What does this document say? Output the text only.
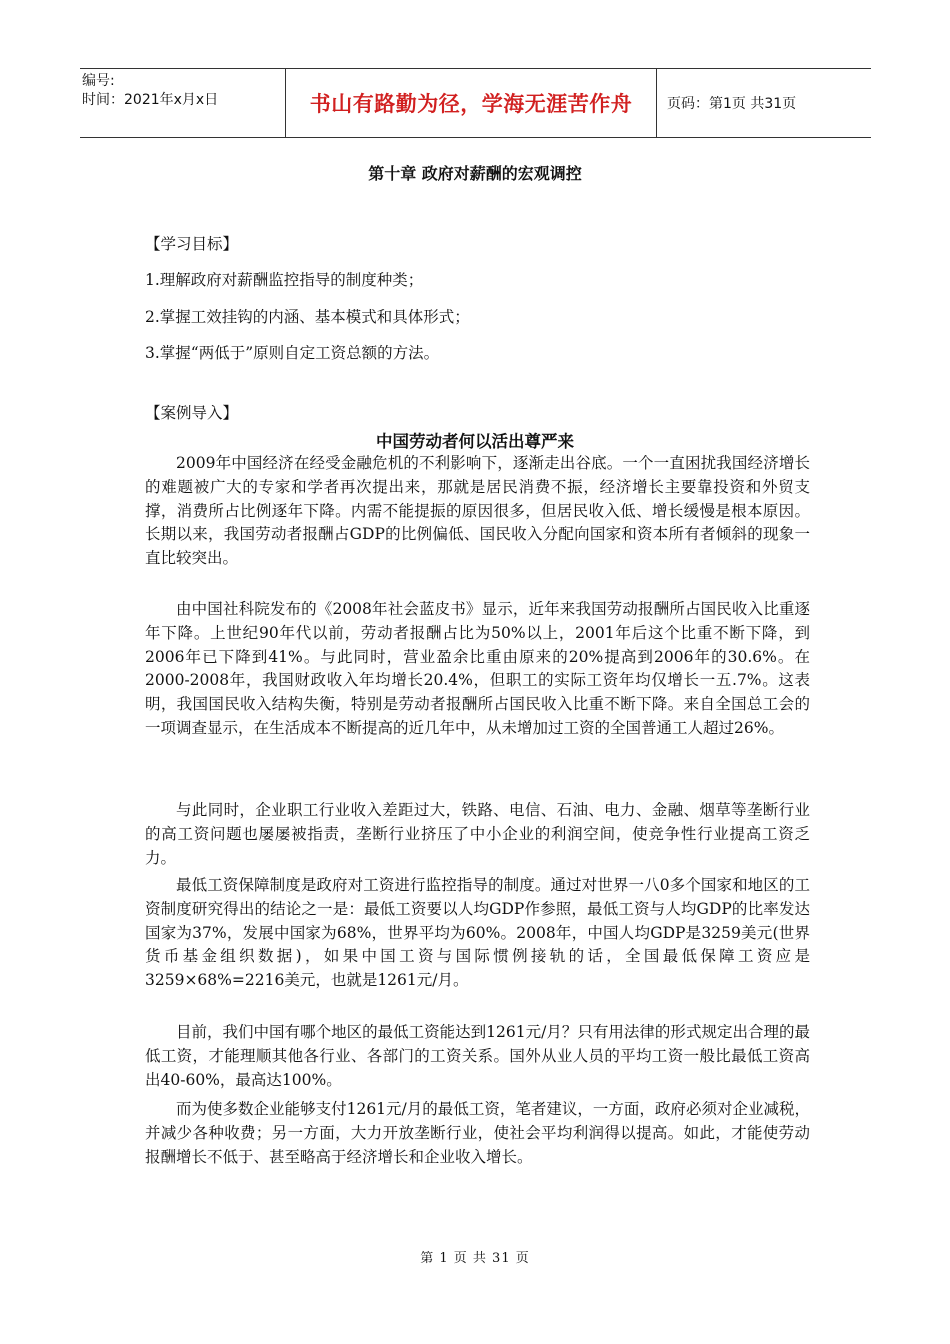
编号:
时间：2021年x月x日	书山有路勤为径，学海无涯苦作舟	页码：第1页 共31页
第十章 政府对薪酬的宏观调控
【学习目标】
1.理解政府对薪酬监控指导的制度种类；
2.掌握工效挂钩的内涵、基本模式和具体形式；
3.掌握“两低于”原则自定工资总额的方法。
【案例导入】
中国劳动者何以活出尊严来

2009年中国经济在经受金融危机的不利影响下，逐渐走出谷底。一个一直困扰我国经济增长的难题被广大的专家和学者再次提出来，那就是居民消费不振，经济增长主要靠投资和外贸支撑，消费所占比例逐年下降。内需不能提振的原因很多，但居民收入低、增长缓慢是根本原因。长期以来，我国劳动者报酬占GDP的比例偏低、国民收入分配向国家和资本所有者倾斜的现象一直比较突出。

由中国社科院发布的《2008年社会蓝皮书》显示，近年来我国劳动报酬所占国民收入比重逐年下降。上世纪90年代以前，劳动者报酬占比为50%以上，2001年后这个比重不断下降，到2006年已下降到41%。与此同时，营业盈余比重由原来的20%提高到2006年的30.6%。在2000-2008年，我国财政收入年均增长20.4%，但职工的实际工资年均仅增长一五.7%。这表明，我国国民收入结构失衡，特别是劳动者报酬所占国民收入比重不断下降。来自全国总工会的一项调查显示，在生活成本不断提高的近几年中，从未增加过工资的全国普通工人超过26%。

与此同时，企业职工行业收入差距过大，铁路、电信、石油、电力、金融、烟草等垄断行业的高工资问题也屡屡被指责，垄断行业挤压了中小企业的利润空间，使竞争性行业提高工资乏力。

最低工资保障制度是政府对工资进行监控指导的制度。通过对世界一八0多个国家和地区的工资制度研究得出的结论之一是：最低工资要以人均GDP作参照，最低工资与人均GDP的比率发达国家为37%，发展中国家为68%，世界平均为60%。2008年，中国人均GDP是3259美元(世界货币基金组织数据)，如果中国工资与国际惯例接轨的话，全国最低保障工资应是3259×68%=2216美元，也就是1261元/月。

目前，我们中国有哪个地区的最低工资能达到1261元/月？只有用法律的形式规定出合理的最低工资，才能理顺其他各行业、各部门的工资关系。国外从业人员的平均工资一般比最低工资高出40-60%，最高达100%。

而为使多数企业能够支付1261元/月的最低工资，笔者建议，一方面，政府必须对企业减税，并减少各种收费；另一方面，大力开放垄断行业，使社会平均利润得以提高。如此，才能使劳动报酬增长不低于、甚至略高于经济增长和企业收入增长。

第 1 页 共 31 页
